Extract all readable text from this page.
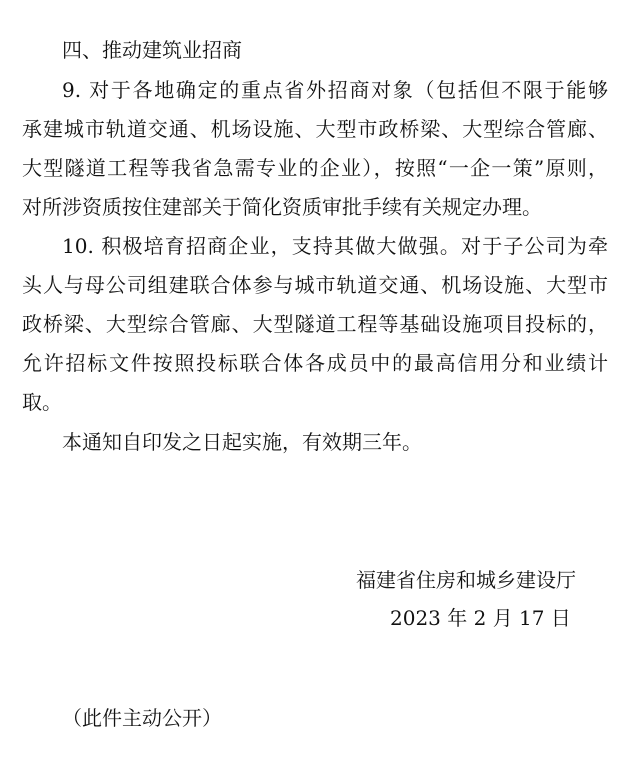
四、推动建筑业招商
9. 对于各地确定的重点省外招商对象（包括但不限于能够
承建城市轨道交通、机场设施、大型市政桥梁、大型综合管廊、
大型隧道工程等我省急需专业的企业），按照“一企一策”原则，
对所涉资质按住建部关于简化资质审批手续有关规定办理。
10. 积极培育招商企业，支持其做大做强。对于子公司为牵
头人与母公司组建联合体参与城市轨道交通、机场设施、大型市
政桥梁、大型综合管廊、大型隧道工程等基础设施项目投标的，
允许招标文件按照投标联合体各成员中的最高信用分和业绩计
取。
本通知自印发之日起实施，有效期三年。
福建省住房和城乡建设厅
2023 年 2 月 17 日
（此件主动公开）
